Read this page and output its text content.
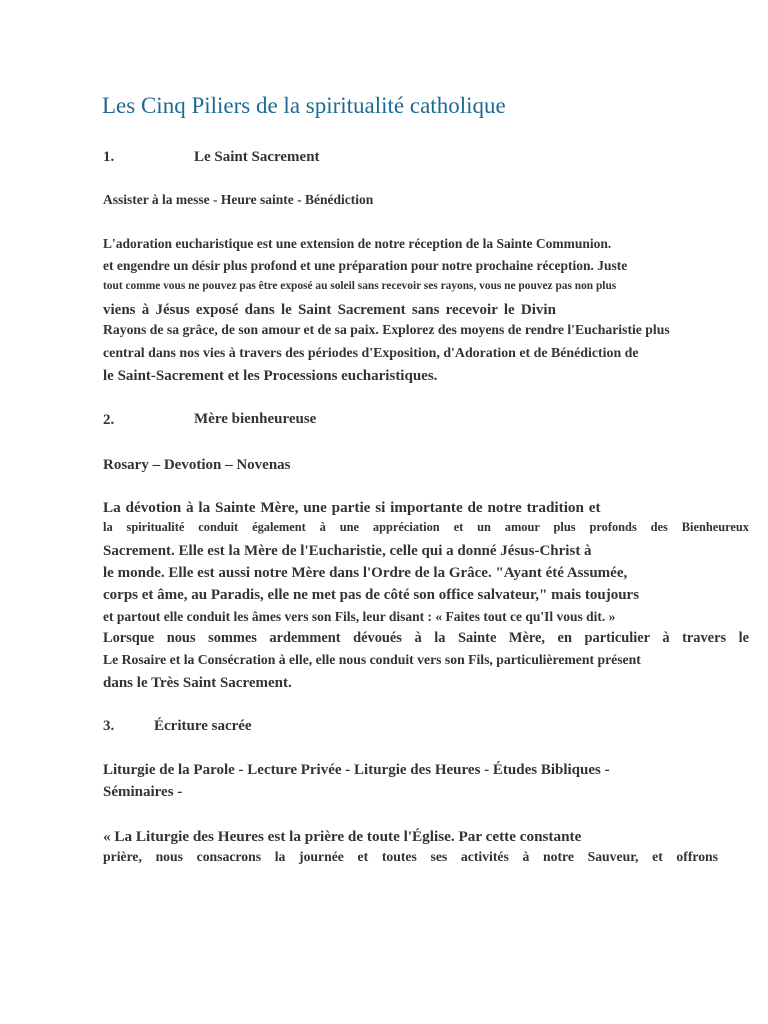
Les Cinq Piliers de la spiritualité catholique

1.	Le Saint Sacrement

Assister à la messe - Heure sainte - Bénédiction

L'adoration eucharistique est une extension de notre réception de la Sainte Communion.

et engendre un désir plus profond et une préparation pour notre prochaine réception. Juste

tout comme vous ne pouvez pas être exposé au soleil sans recevoir ses rayons, vous ne pouvez pas non plus

viens à Jésus exposé dans le Saint Sacrement sans recevoir le Divin

Rayons de sa grâce, de son amour et de sa paix. Explorez des moyens de rendre l'Eucharistie plus

central dans nos vies à travers des périodes d'Exposition, d'Adoration et de Bénédiction de

le Saint-Sacrement et les Processions eucharistiques.

2.	Mère bienheureuse

Rosary – Devotion – Novenas

La dévotion à la Sainte Mère, une partie si importante de notre tradition et

la spiritualité conduit également à une appréciation et un amour plus profonds des Bienheureux

Sacrement. Elle est la Mère de l'Eucharistie, celle qui a donné Jésus-Christ à

le monde. Elle est aussi notre Mère dans l'Ordre de la Grâce. "Ayant été Assumée,

corps et âme, au Paradis, elle ne met pas de côté son office salvateur," mais toujours

et partout elle conduit les âmes vers son Fils, leur disant : « Faites tout ce qu'Il vous dit. »

Lorsque nous sommes ardemment dévoués à la Sainte Mère, en particulier à travers le

Le Rosaire et la Consécration à elle, elle nous conduit vers son Fils, particulièrement présent

dans le Très Saint Sacrement.

3.	Écriture sacrée

Liturgie de la Parole - Lecture Privée - Liturgie des Heures - Études Bibliques -

Séminaires -

« La Liturgie des Heures est la prière de toute l'Église. Par cette constante

prière, nous consacrons la journée et toutes ses activités à notre Sauveur, et offrons
